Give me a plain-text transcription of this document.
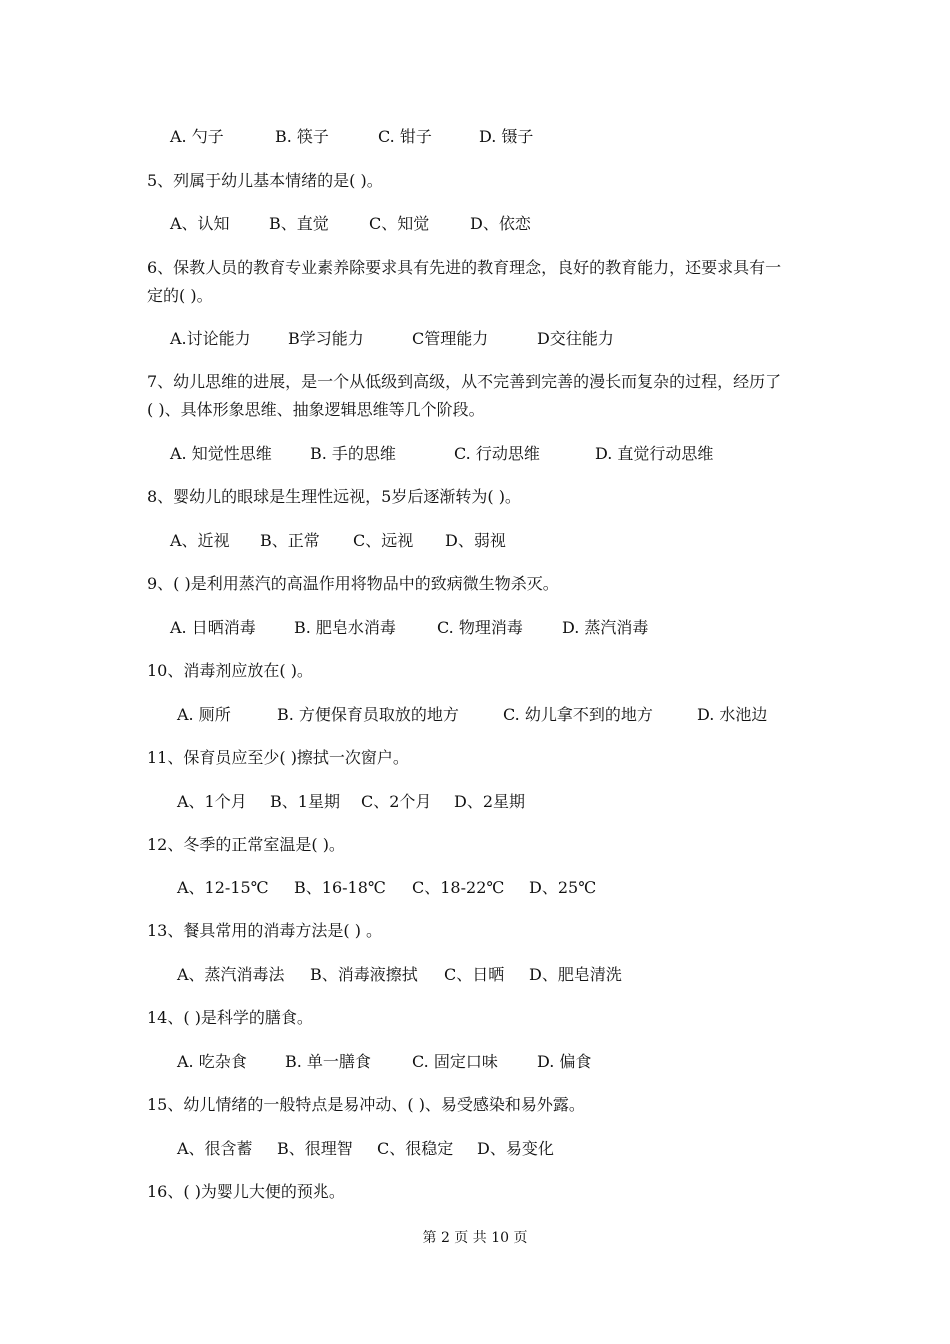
A. 勺子	B. 筷子	C. 钳子	D. 镊子
5、列属于幼儿基本情绪的是( )。
A、认知 B、直觉	C、知觉	D、依恋
6、保教人员的教育专业素养除要求具有先进的教育理念，良好的教育能力，还要求具有一
定的( )。
A.讨论能力 B学习能力	C管理能力	D交往能力
7、幼儿思维的进展，是一个从低级到高级，从不完善到完善的漫长而复杂的过程，经历了
( )、具体形象思维、抽象逻辑思维等几个阶段。
A. 知觉性思维 B. 手的思维	C. 行动思维	D. 直觉行动思维
8、婴幼儿的眼球是生理性远视，5岁后逐渐转为( )。
A、近视 B、正常 C、远视 D、弱视
9、( )是利用蒸汽的高温作用将物品中的致病微生物杀灭。
A. 日晒消毒 B. 肥皂水消毒	C. 物理消毒 D. 蒸汽消毒
10、消毒剂应放在( )。
A. 厕所	B. 方便保育员取放的地方	C. 幼儿拿不到的地方	D. 水池边
11、保育员应至少( )擦拭一次窗户。
A、1个月 B、1星期 C、2个月 D、2星期
12、冬季的正常室温是( )。
A、12-15℃ B、16-18℃ C、18-22℃ D、25℃
13、餐具常用的消毒方法是( ) 。
A、蒸汽消毒法 B、消毒液擦拭 C、日晒 D、肥皂清洗
14、( )是科学的膳食。
A. 吃杂食 B. 单一膳食	C. 固定口味 D. 偏食
15、幼儿情绪的一般特点是易冲动、( )、易受感染和易外露。
A、很含蓄 B、很理智 C、很稳定 D、易变化
16、( )为婴儿大便的预兆。
第 2 页 共 10 页
